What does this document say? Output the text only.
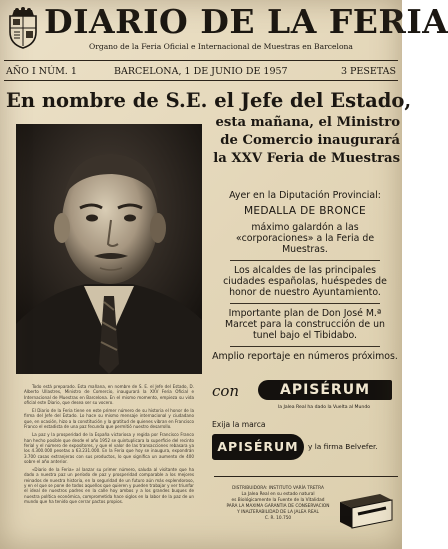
DIARIO DE LA FERIA
Organo de la Feria Oficial e Internacional de Muestras en Barcelona
AÑO I NÚM. 1	BARCELONA, 1 DE JUNIO DE 1957	3 PESETAS
En nombre de S.E. el Jefe del Estado,
esta mañana, el Ministro
de Comercio inaugurará
la XXV Feria de Muestras
Ayer en la Diputación Provincial:
MEDALLA DE BRONCE
máximo galardón a las «corporaciones» a la Feria de Muestras.
Los alcaldes de las principales ciudades españolas, huéspedes de honor de nuestro Ayuntamiento.
Importante plan de Don José M.ª Marcet para la construcción de un tunel bajo el Tibidabo.
Amplio reportaje en números próximos.

Todo está preparado. Esta mañana, en nombre de S. E. el Jefe del Estado, D. Alberto Ullastres, Ministro de Comercio, inaugurará la XXV Feria Oficial e Internacional de Muestras en Barcelona. En el mismo momento, empieza su vida oficial este Diario, que desea ser su vocero.

El Diario de la Feria tiene en este primer número de su historia el honor de la firma del Jefe del Estado. Lo hace su mismo mensaje internacional y ciudadano que, en ocasión, hizo a la constitución y la gratitud de quienes vibran en Francisco Franco el estadista de una paz fecunda que permitió nuestro desarrollo.

La paz y la prosperidad de la España victoriosa y regida por Francisco Franco han hecho posible que desde el año 1952 se quintuplicara la superficie del recinto ferial y el número de expositores, y que el valor de las transacciones rebasara ya los 4.300.000 pesetas a 63.231.000. En la Feria que hoy se inaugura, expondrán 3.700 casas extranjeras con sus productos, lo que significa un aumento de 400 sobre el año anterior.

«Diario de la Feria» al lanzar su primer número, saluda al visitante que ha dado a nuestra paz un período de paz y prosperidad comparable a los mejores reinados de nuestra historia, en la seguridad de un futuro aún más esplendoroso, y en el que se pone de todos aquellos que quieren y pueden trabajar y ver triunfar el ideal de nuestros padres en la calle hoy ambos y a los grandes buques de nuestra política económica, comprometida hace siglos en la labor de la paz de un mundo que ha tenido que cerrar pactos propios.

con	APISÉRUM
la Jalea Real ha dado la Vuelta al Mundo
Exija la marca
APISÉRUM	y la firma Belvefer.
DISTRIBUIDORA: INSTITUTO VARÍA TRETRA
La Jalea Real en su estado natural
es Biológicamente la Fuente de la Vitalidad
PARA LA MAXIMA GARANTIA DE CONSERVACION
Y INALTERABILIDAD DE LA JALEA REAL
C. R. 10.750
